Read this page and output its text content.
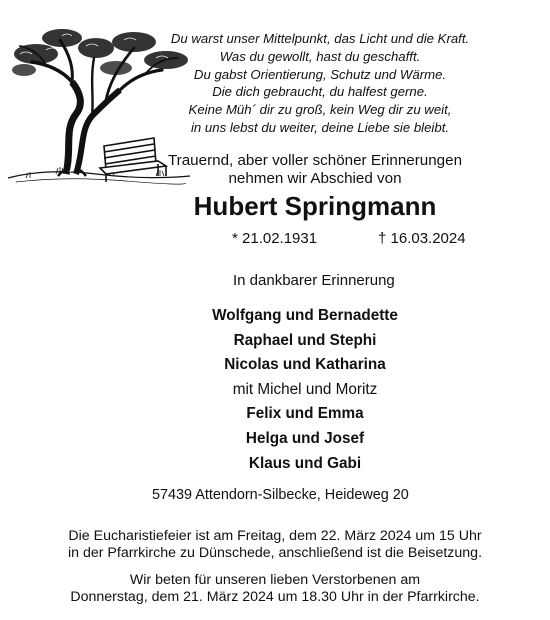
Du warst unser Mittelpunkt, das Licht und die Kraft.
Was du gewollt, hast du geschafft.
Du gabst Orientierung, Schutz und Wärme.
Die dich gebraucht, du halfest gerne.
Keine Müh´ dir zu groß, kein Weg dir zu weit,
in uns lebst du weiter, deine Liebe sie bleibt.
Trauernd, aber voller schöner Erinnerungen
nehmen wir Abschied von
Hubert Springmann
* 21.02.1931	† 16.03.2024
In dankbarer Erinnerung
Wolfgang und Bernadette
Raphael und Stephi
Nicolas und Katharina
mit Michel und Moritz
Felix und Emma
Helga und Josef
Klaus und Gabi
57439 Attendorn-Silbecke, Heideweg 20
Die Eucharistiefeier ist am Freitag, dem 22. März 2024 um 15 Uhr
in der Pfarrkirche zu Dünschede, anschließend ist die Beisetzung.
Wir beten für unseren lieben Verstorbenen am
Donnerstag, dem 21. März 2024 um 18.30 Uhr in der Pfarrkirche.
